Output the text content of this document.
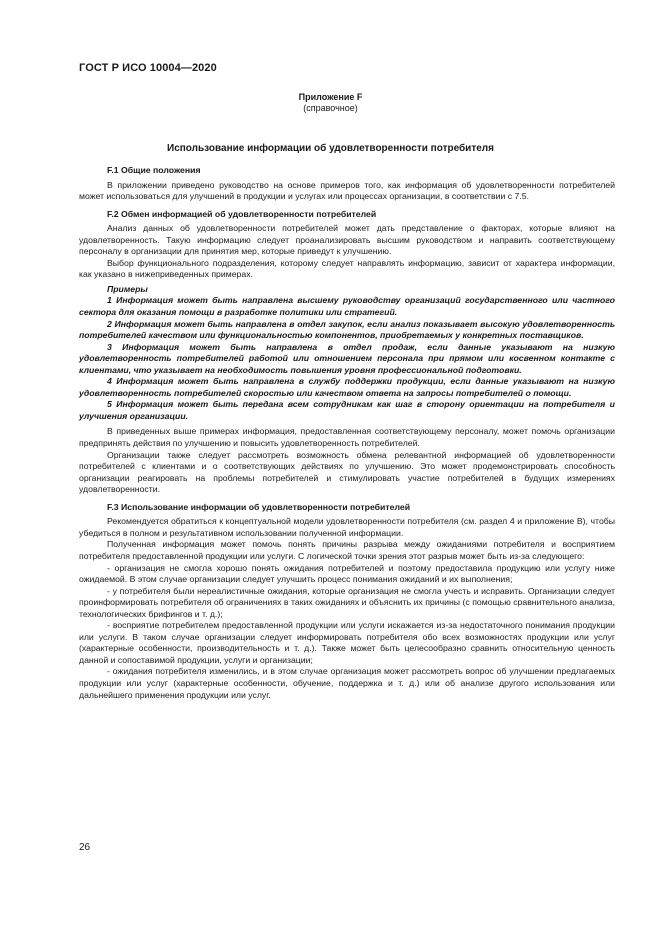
ГОСТ Р ИСО 10004—2020
Приложение F
(справочное)
Использование информации об удовлетворенности потребителя
F.1 Общие положения

В приложении приведено руководство на основе примеров того, как информация об удовлетворенности потребителей может использоваться для улучшений в продукции и услугах или процессах организации, в соответствии с 7.5.

F.2 Обмен информацией об удовлетворенности потребителей

Анализ данных об удовлетворенности потребителей может дать представление о факторах, которые влияют на удовлетворенность. Такую информацию следует проанализировать высшим руководством и направить соответствующему персоналу в организации для принятия мер, которые приведут к улучшению.

Выбор функционального подразделения, которому следует направлять информацию, зависит от характера информации, как указано в нижеприведенных примерах.

Примеры

1 Информация может быть направлена высшему руководству организаций государственного или частного сектора для оказания помощи в разработке политики или стратегий.

2 Информация может быть направлена в отдел закупок, если анализ показывает высокую удовлетворенность потребителей качеством или функциональностью компонентов, приобретаемых у конкретных поставщиков.

3 Информация может быть направлена в отдел продаж, если данные указывают на низкую удовлетворенность потребителей работой или отношением персонала при прямом или косвенном контакте с клиентами, что указывает на необходимость повышения уровня профессиональной подготовки.

4 Информация может быть направлена в службу поддержки продукции, если данные указывают на низкую удовлетворенность потребителей скоростью или качеством ответа на запросы потребителей о помощи.

5 Информация может быть передана всем сотрудникам как шаг в сторону ориентации на потребителя и улучшения организации.

В приведенных выше примерах информация, предоставленная соответствующему персоналу, может помочь организации предпринять действия по улучшению и повысить удовлетворенность потребителей.

Организации также следует рассмотреть возможность обмена релевантной информацией об удовлетворенности потребителей с клиентами и о соответствующих действиях по улучшению. Это может продемонстрировать способность организации реагировать на проблемы потребителей и стимулировать участие потребителей в будущих измерениях удовлетворенности.

F.3 Использование информации об удовлетворенности потребителей

Рекомендуется обратиться к концептуальной модели удовлетворенности потребителя (см. раздел 4 и приложение В), чтобы убедиться в полном и результативном использовании полученной информации.

Полученная информация может помочь понять причины разрыва между ожиданиями потребителя и восприятием потребителя предоставленной продукции или услуги. С логической точки зрения этот разрыв может быть из-за следующего:

- организация не смогла хорошо понять ожидания потребителей и поэтому предоставила продукцию или услугу ниже ожидаемой. В этом случае организации следует улучшить процесс понимания ожиданий и их выполнения;

- у потребителя были нереалистичные ожидания, которые организация не смогла учесть и исправить. Организации следует проинформировать потребителя об ограничениях в таких ожиданиях и объяснить их причины (с помощью сравнительного анализа, технологических брифингов и т. д.);

- восприятие потребителем предоставленной продукции или услуги искажается из-за недостаточного понимания продукции или услуги. В таком случае организации следует информировать потребителя обо всех возможностях продукции или услуг (характерные особенности, производительность и т. д.). Также может быть целесообразно сравнить относительную ценность данной и сопоставимой продукции, услуги и организации;

- ожидания потребителя изменились, и в этом случае организация может рассмотреть вопрос об улучшении предлагаемых продукции или услуг (характерные особенности, обучение, поддержка и т. д.) или об анализе другого использования или дальнейшего применения продукции или услуг.

26
